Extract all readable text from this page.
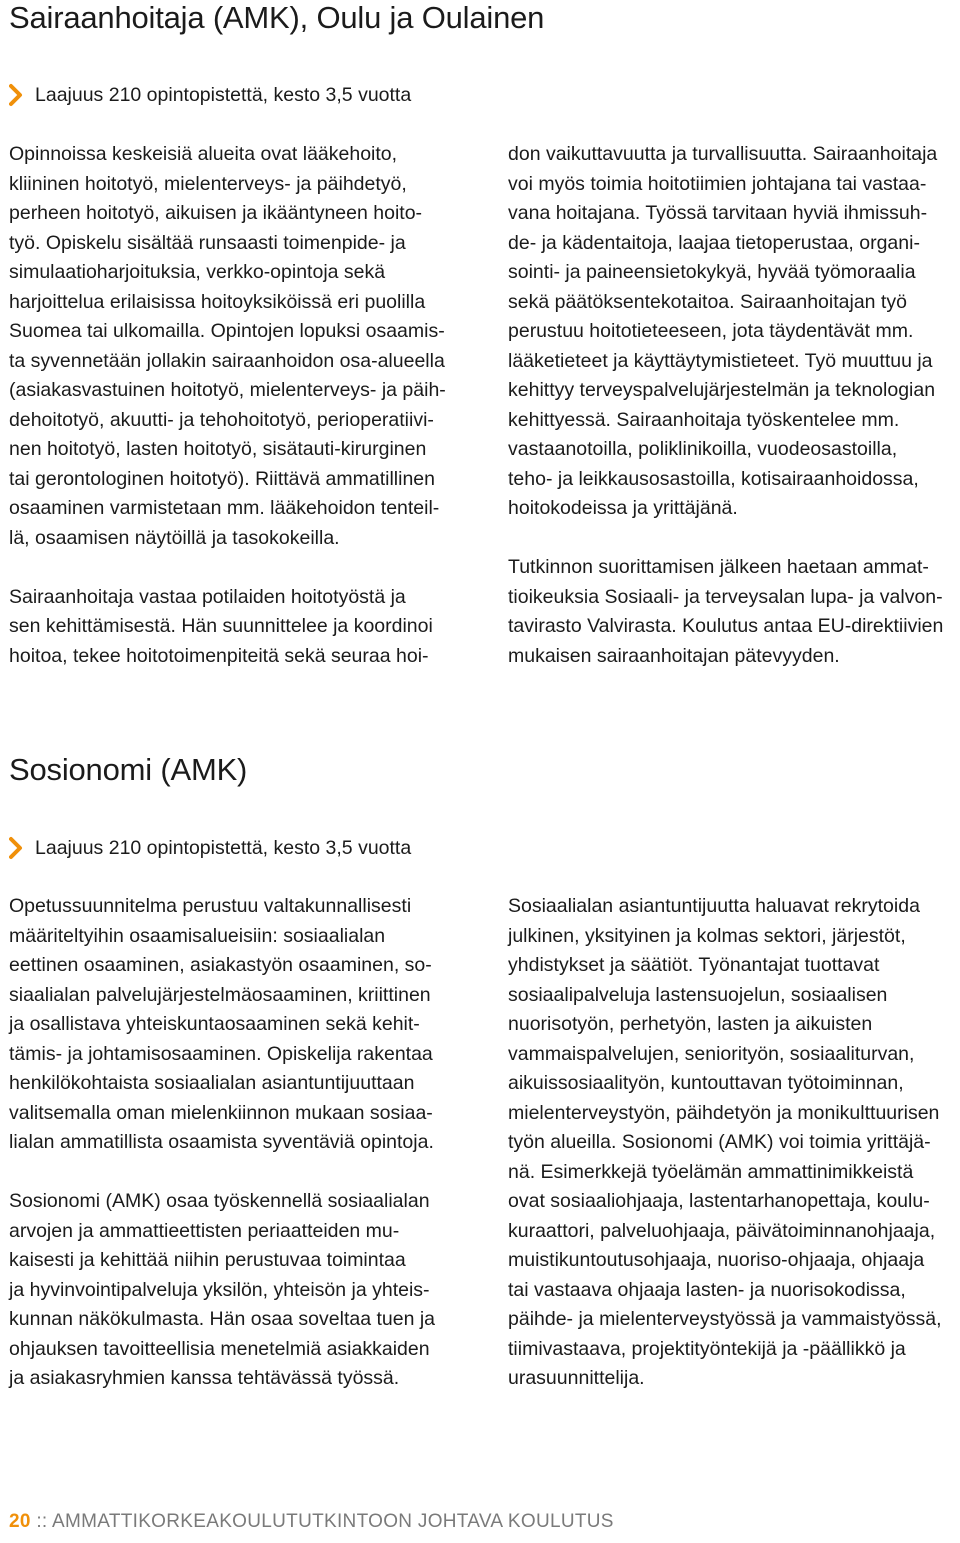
Sairaanhoitaja (AMK), Oulu ja Oulainen
Laajuus 210 opintopistettä, kesto 3,5 vuotta

Opinnoissa keskeisiä alueita ovat lääkehoito,
kliininen hoitotyö, mielenterveys- ja päihdetyö,
perheen hoitotyö, aikuisen ja ikääntyneen hoito-
työ. Opiskelu sisältää runsaasti toimenpide- ja
simulaatioharjoituksia, verkko-opintoja sekä
harjoittelua erilaisissa hoitoyksiköissä eri puolilla
Suomea tai ulkomailla. Opintojen lopuksi osaamis-
ta syvennetään jollakin sairaanhoidon osa-alueella
(asiakasvastuinen hoitotyö, mielenterveys- ja päih-
dehoitotyö, akuutti- ja tehohoitotyö, perioperatiivi-
nen hoitotyö, lasten hoitotyö, sisätauti-kirurginen
tai gerontologinen hoitotyö). Riittävä ammatillinen
osaaminen varmistetaan mm. lääkehoidon tenteil-
lä, osaamisen näytöillä ja tasokokeilla.

Sairaanhoitaja vastaa potilaiden hoitotyöstä ja
sen kehittämisestä. Hän suunnittelee ja koordinoi
hoitoa, tekee hoitotoimenpiteitä sekä seuraa hoi-

don vaikuttavuutta ja turvallisuutta. Sairaanhoitaja
voi myös toimia hoitotiimien johtajana tai vastaa-
vana hoitajana. Työssä tarvitaan hyviä ihmissuh-
de- ja kädentaitoja, laajaa tietoperustaa, organi-
sointi- ja paineensietokykyä, hyvää työmoraalia
sekä päätöksentekotaitoa. Sairaanhoitajan työ
perustuu hoitotieteeseen, jota täydentävät mm.
lääketieteet ja käyttäytymistieteet. Työ muuttuu ja
kehittyy terveyspalvelujärjestelmän ja teknologian
kehittyessä. Sairaanhoitaja työskentelee mm.
vastaanotoilla, poliklinikoilla, vuodeosastoilla,
teho- ja leikkausosastoilla, kotisairaanhoidossa,
hoitokodeissa ja yrittäjänä.

Tutkinnon suorittamisen jälkeen haetaan ammat-
tioikeuksia Sosiaali- ja terveysalan lupa- ja valvon-
tavirasto Valvirasta. Koulutus antaa EU-direktiivien
mukaisen sairaanhoitajan pätevyyden.

Sosionomi (AMK)
Laajuus 210 opintopistettä, kesto 3,5 vuotta

Opetussuunnitelma perustuu valtakunnallisesti
määriteltyihin osaamisalueisiin: sosiaalialan
eettinen osaaminen, asiakastyön osaaminen, so-
siaalialan palvelujärjestelmäosaaminen, kriittinen
ja osallistava yhteiskuntaosaaminen sekä kehit-
tämis- ja johtamisosaaminen. Opiskelija rakentaa
henkilökohtaista sosiaalialan asiantuntijuuttaan
valitsemalla oman mielenkiinnon mukaan sosiaa-
lialan ammatillista osaamista syventäviä opintoja.

Sosionomi (AMK) osaa työskennellä sosiaalialan
arvojen ja ammattieettisten periaatteiden mu-
kaisesti ja kehittää niihin perustuvaa toimintaa
ja hyvinvointipalveluja yksilön, yhteisön ja yhteis-
kunnan näkökulmasta. Hän osaa soveltaa tuen ja
ohjauksen tavoitteellisia menetelmiä asiakkaiden
ja asiakasryhmien kanssa tehtävässä työssä.

Sosiaalialan asiantuntijuutta haluavat rekrytoida
julkinen, yksityinen ja kolmas sektori, järjestöt,
yhdistykset ja säätiöt. Työnantajat tuottavat
sosiaalipalveluja lastensuojelun, sosiaalisen
nuorisotyön, perhetyön, lasten ja aikuisten
vammaispalvelujen, seniorityön, sosiaaliturvan,
aikuissosiaalityön, kuntouttavan työtoiminnan,
mielenterveystyön, päihdetyön ja monikulttuurisen
työn alueilla. Sosionomi (AMK) voi toimia yrittäjä-
nä. Esimerkkejä työelämän ammattinimikkeistä
ovat sosiaaliohjaaja, lastentarhanopettaja, koulu-
kuraattori, palveluohjaaja, päivätoiminnanohjaaja,
muistikuntoutusohjaaja, nuoriso-ohjaaja, ohjaaja
tai vastaava ohjaaja lasten- ja nuorisokodissa,
päihde- ja mielenterveystyössä ja vammaistyössä,
tiimivastaava, projektityöntekijä ja -päällikkö ja
urasuunnittelija.

20 :: AMMATTIKORKEAKOULUTUTKINTOON JOHTAVA KOULUTUS
